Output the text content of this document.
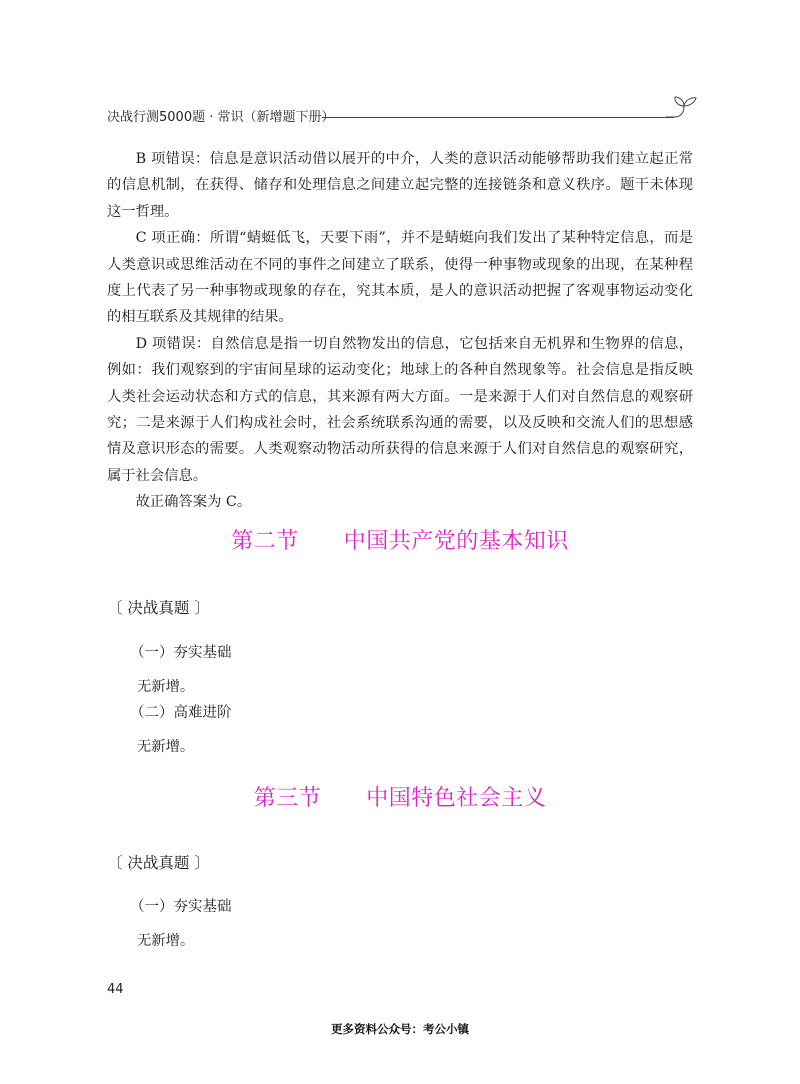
决战行测5000题 · 常识（新增题下册）

B 项错误：信息是意识活动借以展开的中介，人类的意识活动能够帮助我们建立起正常的信息机制，在获得、储存和处理信息之间建立起完整的连接链条和意义秩序。题干未体现这一哲理。

C 项正确：所谓“蜻蜓低飞，天要下雨”，并不是蜻蜓向我们发出了某种特定信息，而是人类意识或思维活动在不同的事件之间建立了联系，使得一种事物或现象的出现，在某种程度上代表了另一种事物或现象的存在，究其本质，是人的意识活动把握了客观事物运动变化的相互联系及其规律的结果。

D 项错误：自然信息是指一切自然物发出的信息，它包括来自无机界和生物界的信息，例如：我们观察到的宇宙间星球的运动变化；地球上的各种自然现象等。社会信息是指反映人类社会运动状态和方式的信息，其来源有两大方面。一是来源于人们对自然信息的观察研究；二是来源于人们构成社会时，社会系统联系沟通的需要，以及反映和交流人们的思想感情及意识形态的需要。人类观察动物活动所获得的信息来源于人们对自然信息的观察研究，属于社会信息。

故正确答案为 C。

第二节　　中国共产党的基本知识
〔 决战真题 〕
（一）夯实基础
无新增。
（二）高难进阶
无新增。
第三节　　中国特色社会主义
〔 决战真题 〕
（一）夯实基础
无新增。
44
更多资料公众号：考公小镇
